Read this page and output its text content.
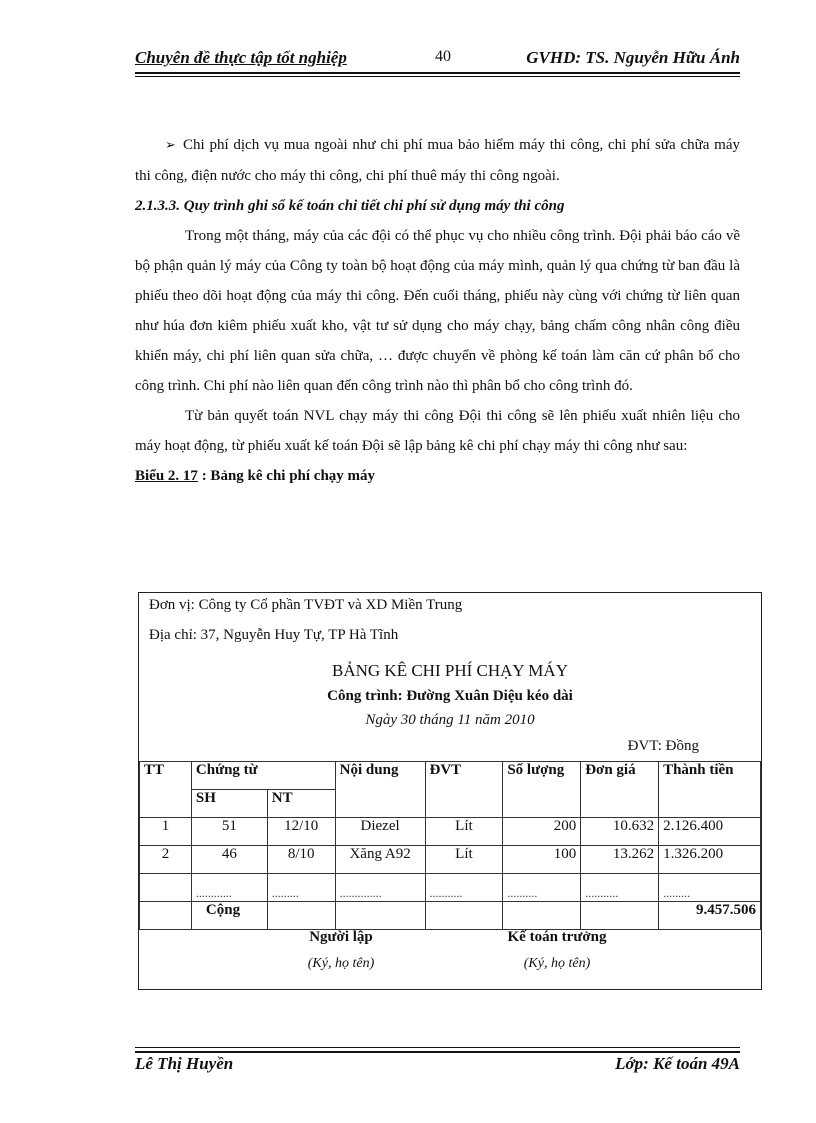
Chuyên đề thực tập tốt nghiệp	40	GVHD: TS. Nguyễn Hữu Ánh

➢ Chi phí dịch vụ mua ngoài như chi phí mua bảo hiểm máy thi công, chi phí sửa chữa máy thi công, điện nước cho máy thi công, chi phí thuê máy thi công ngoài.

2.1.3.3. Quy trình ghi sổ kế toán chi tiết chi phí sử dụng máy thi công

Trong một tháng, máy của các đội có thể phục vụ cho nhiều công trình. Đội phải báo cáo về bộ phận quản lý máy của Công ty toàn bộ hoạt động của máy mình, quản lý qua chứng từ ban đầu là phiếu theo dõi hoạt động của máy thi công. Đến cuối tháng, phiếu này cùng với chứng từ liên quan như húa đơn kiêm phiếu xuất kho, vật tư sử dụng cho máy chạy, bảng chấm công nhân công điều khiển máy, chi phí liên quan sửa chữa, … được chuyển về phòng kế toán làm căn cứ phân bổ cho công trình. Chi phí nào liên quan đến công trình nào thì phân bổ cho công trình đó.

Từ bản quyết toán NVL chạy máy thi công Đội thi công sẽ lên phiếu xuất nhiên liệu cho máy hoạt động, từ phiếu xuất kế toán Đội sẽ lập bảng kê chi phí chạy máy thi công như sau:

Biểu 2. 17 : Bảng kê chi phí chạy máy

Đơn vị: Công ty Cổ phần TVĐT và XD Miền Trung
Địa chỉ: 37, Nguyễn Huy Tự, TP Hà Tĩnh
BẢNG KÊ CHI PHÍ CHẠY MÁY
Công trình: Đường Xuân Diệu kéo dài
Ngày 30 tháng 11 năm 2010
ĐVT: Đồng
TT	Chứng từ		Nội dung	ĐVT	Số lượng	Đơn giá	Thành tiền
	SH	NT					
1	51	12/10	Diezel	Lít	200	10.632	2.126.400
2	46	8/10	Xăng A92	Lít	100	13.262	1.326.200
	............	.........	..............	...........	..........	...........	.........
	Cộng						9.457.506
Người lập
(Ký, họ tên)
Kế toán trưởng
(Ký, họ tên)
Lê Thị Huyền	Lớp: Kế toán 49A
